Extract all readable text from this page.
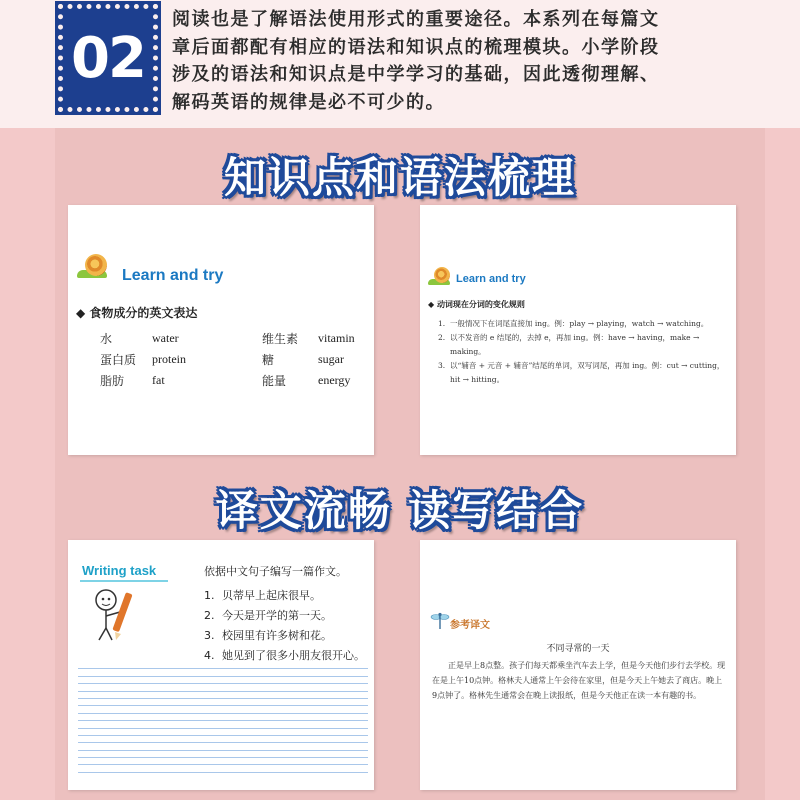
02
阅读也是了解语法使用形式的重要途径。本系列在每篇文
章后面都配有相应的语法和知识点的梳理模块。小学阶段
涉及的语法和知识点是中学学习的基础，因此透彻理解、
解码英语的规律是必不可少的。
知识点和语法梳理
Learn and try
◆ 食物成分的英文表达
水	water	维生素	vitamin
蛋白质	protein	糖	sugar
脂肪	fat	能量	energy
Learn and try
◆ 动词现在分词的变化规则
1. 一般情况下在词尾直接加 ing。例：play → playing，watch → watching。
2. 以不发音的 e 结尾的，去掉 e，再加 ing。例：have → having，make → making。
3. 以“辅音 + 元音 + 辅音”结尾的单词，双写词尾，再加 ing。例：cut → cutting，hit → hitting。
译文流畅 读写结合
Writing task	依据中文句子编写一篇作文。
1. 贝蒂早上起床很早。
2. 今天是开学的第一天。
3. 校园里有许多树和花。
4. 她见到了很多小朋友很开心。
参考译文
不同寻常的一天
正是早上8点整。孩子们每天都乘坐汽车去上学，但是今天他们步行去学校。现在是上午10点钟。格林夫人通常上午会待在家里，但是今天上午她去了商店。晚上9点钟了。格林先生通常会在晚上读报纸，但是今天他正在读一本有趣的书。
